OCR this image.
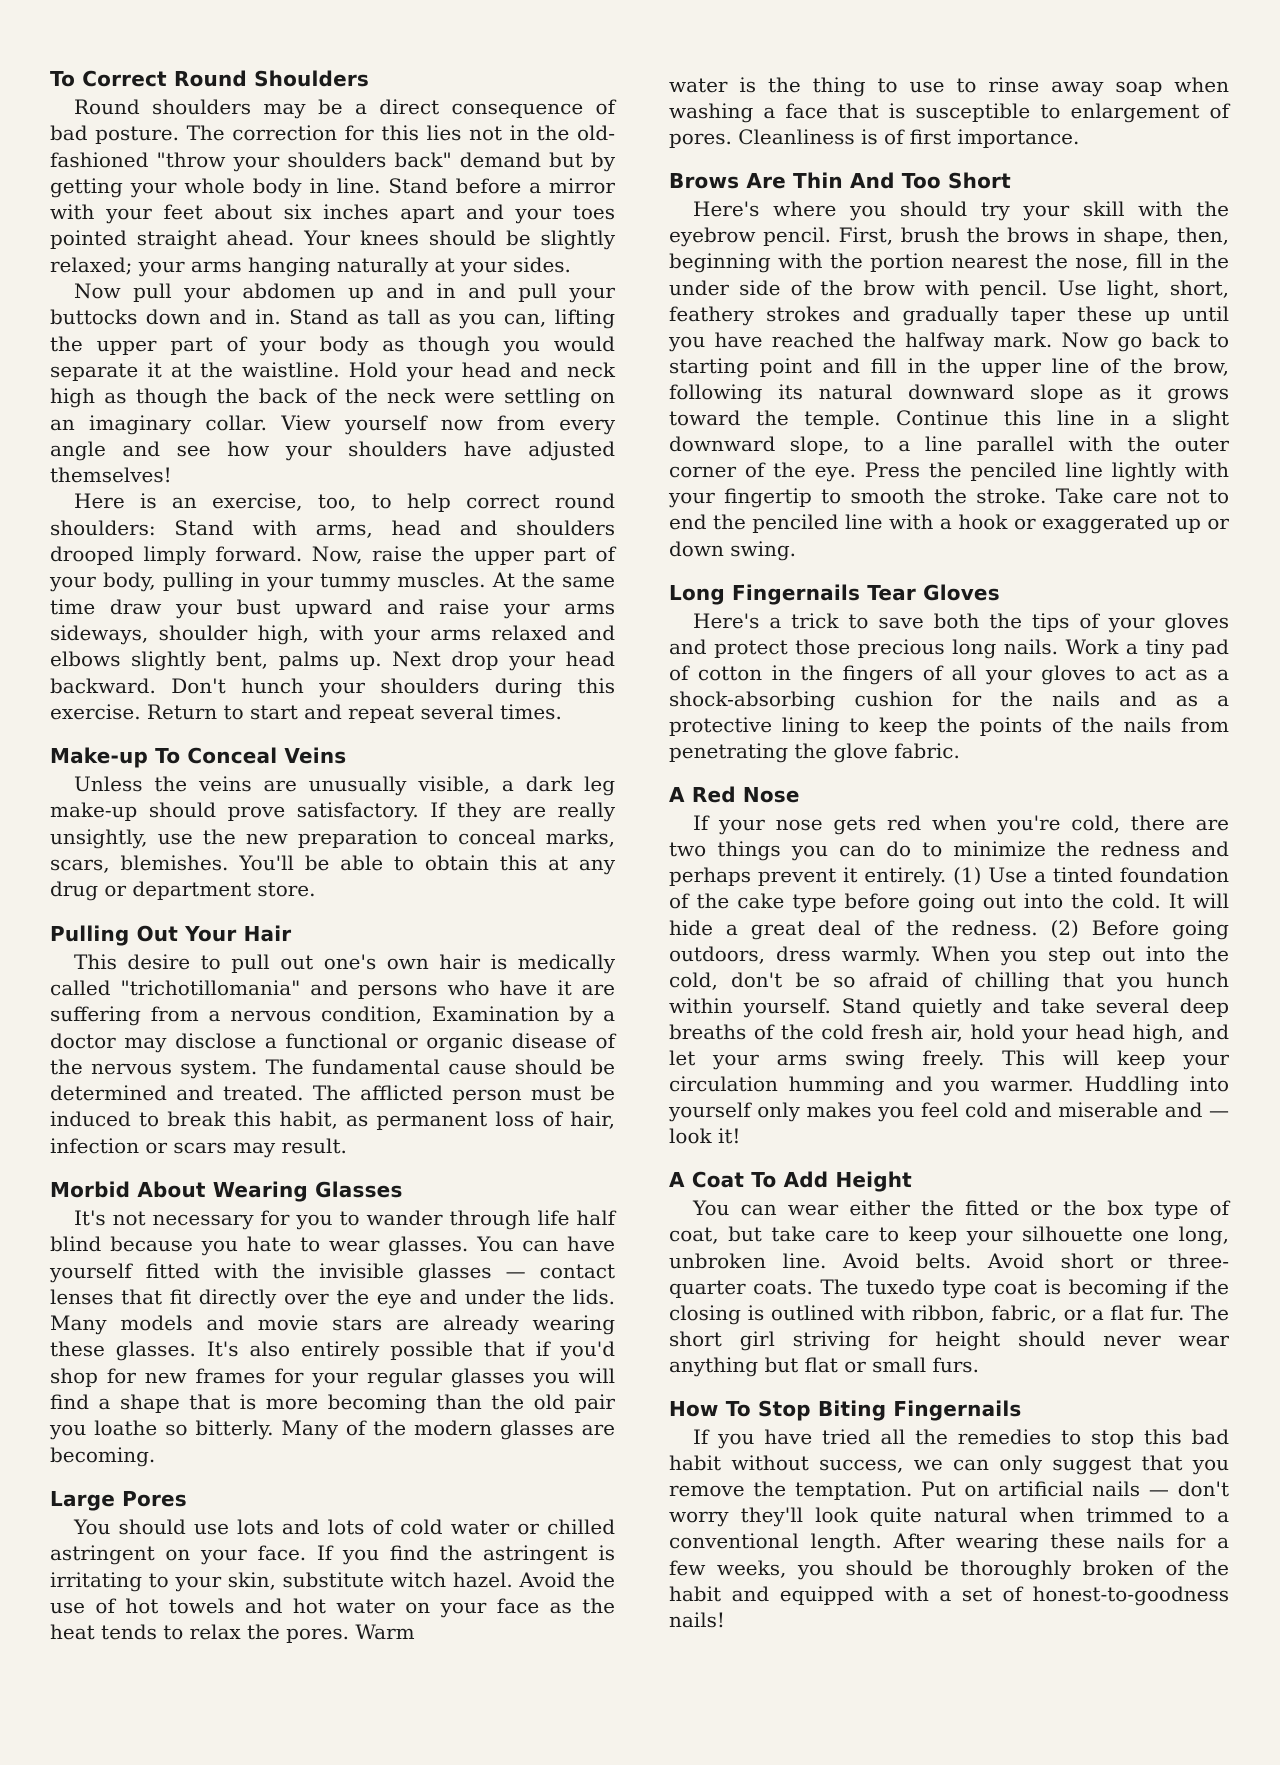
To Correct Round Shoulders

Round shoulders may be a direct consequence of bad posture. The correction for this lies not in the old-fashioned "throw your shoulders back" demand but by getting your whole body in line. Stand before a mirror with your feet about six inches apart and your toes pointed straight ahead. Your knees should be slightly relaxed; your arms hanging naturally at your sides.

Now pull your abdomen up and in and pull your buttocks down and in. Stand as tall as you can, lifting the upper part of your body as though you would separate it at the waistline. Hold your head and neck high as though the back of the neck were settling on an imaginary collar. View yourself now from every angle and see how your shoulders have adjusted themselves!

Here is an exercise, too, to help correct round shoulders: Stand with arms, head and shoulders drooped limply forward. Now, raise the upper part of your body, pulling in your tummy muscles. At the same time draw your bust upward and raise your arms sideways, shoulder high, with your arms relaxed and elbows slightly bent, palms up. Next drop your head backward. Don't hunch your shoulders during this exercise. Return to start and repeat several times.

Make-up To Conceal Veins

Unless the veins are unusually visible, a dark leg make-up should prove satisfactory. If they are really unsightly, use the new preparation to conceal marks, scars, blemishes. You'll be able to obtain this at any drug or department store.

Pulling Out Your Hair

This desire to pull out one's own hair is medically called "trichotillomania" and persons who have it are suffering from a nervous condition, Examination by a doctor may disclose a functional or organic disease of the nervous system. The fundamental cause should be determined and treated. The afflicted person must be induced to break this habit, as permanent loss of hair, infection or scars may result.

Morbid About Wearing Glasses

It's not necessary for you to wander through life half blind because you hate to wear glasses. You can have yourself fitted with the invisible glasses — contact lenses that fit directly over the eye and under the lids. Many models and movie stars are already wearing these glasses. It's also entirely possible that if you'd shop for new frames for your regular glasses you will find a shape that is more becoming than the old pair you loathe so bitterly. Many of the modern glasses are becoming.

Large Pores

You should use lots and lots of cold water or chilled astringent on your face. If you find the astringent is irritating to your skin, substitute witch hazel. Avoid the use of hot towels and hot water on your face as the heat tends to relax the pores. Warm

water is the thing to use to rinse away soap when washing a face that is susceptible to enlargement of pores. Cleanliness is of first importance.

Brows Are Thin And Too Short

Here's where you should try your skill with the eyebrow pencil. First, brush the brows in shape, then, beginning with the portion nearest the nose, fill in the under side of the brow with pencil. Use light, short, feathery strokes and gradually taper these up until you have reached the halfway mark. Now go back to starting point and fill in the upper line of the brow, following its natural downward slope as it grows toward the temple. Continue this line in a slight downward slope, to a line parallel with the outer corner of the eye. Press the penciled line lightly with your fingertip to smooth the stroke. Take care not to end the penciled line with a hook or exaggerated up or down swing.

Long Fingernails Tear Gloves

Here's a trick to save both the tips of your gloves and protect those precious long nails. Work a tiny pad of cotton in the fingers of all your gloves to act as a shock-absorbing cushion for the nails and as a protective lining to keep the points of the nails from penetrating the glove fabric.

A Red Nose

If your nose gets red when you're cold, there are two things you can do to minimize the redness and perhaps prevent it entirely. (1) Use a tinted foundation of the cake type before going out into the cold. It will hide a great deal of the redness. (2) Before going outdoors, dress warmly. When you step out into the cold, don't be so afraid of chilling that you hunch within yourself. Stand quietly and take several deep breaths of the cold fresh air, hold your head high, and let your arms swing freely. This will keep your circulation humming and you warmer. Huddling into yourself only makes you feel cold and miserable and — look it!

A Coat To Add Height

You can wear either the fitted or the box type of coat, but take care to keep your silhouette one long, unbroken line. Avoid belts. Avoid short or three-quarter coats. The tuxedo type coat is becoming if the closing is outlined with ribbon, fabric, or a flat fur. The short girl striving for height should never wear anything but flat or small furs.

How To Stop Biting Fingernails

If you have tried all the remedies to stop this bad habit without success, we can only suggest that you remove the temptation. Put on artificial nails — don't worry they'll look quite natural when trimmed to a conventional length. After wearing these nails for a few weeks, you should be thoroughly broken of the habit and equipped with a set of honest-to-goodness nails!
